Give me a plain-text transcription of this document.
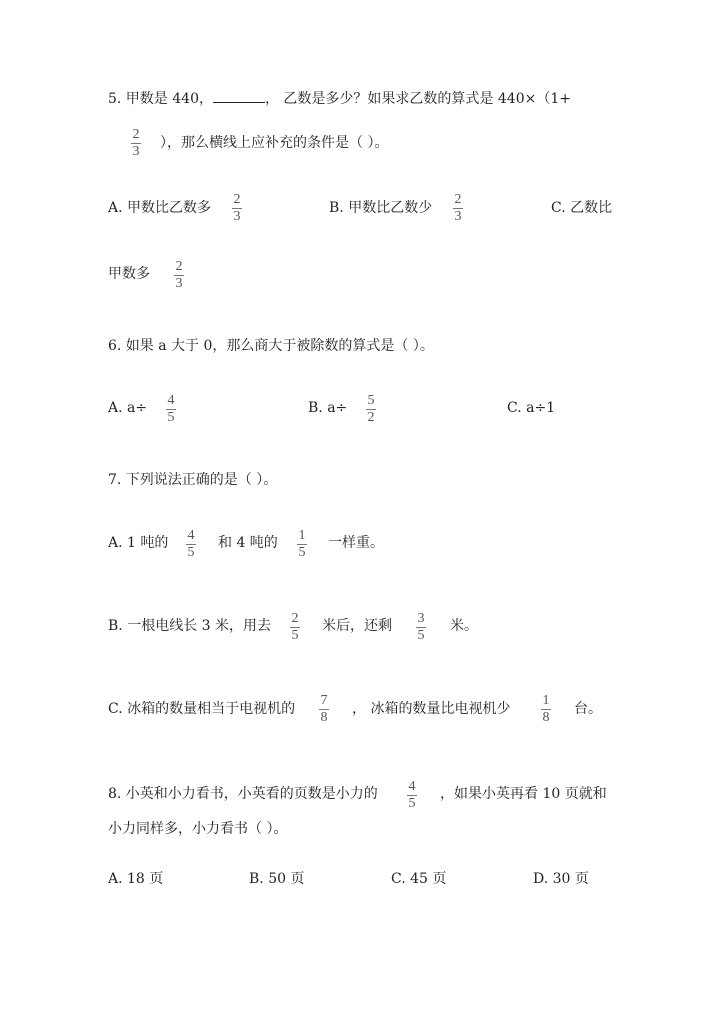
5. 甲数是 440，	， 乙数是多少？如果求乙数的算式是 440×（1+
2
3
），那么横线上应补充的条件是（ ）。
A. 甲数比乙数多
2
3
B. 甲数比乙数少
2
3
C. 乙数比
甲数多 2
3
6. 如果 a 大于 0，那么商大于被除数的算式是（ ）。
A. a÷ 4
5
B. a÷ 5
2
C. a÷1
7. 下列说法正确的是（ ）。
A. 1 吨的 4
5
和 4 吨的 1
5
一样重。
B. 一根电线长 3 米，用去 2
5
米后，还剩 3
5
米。
C. 冰箱的数量相当于电视机的
7
8
， 冰箱的数量比电视机少
1
8
台。
8. 小英和小力看书，小英看的页数是小力的 4
5
，如果小英再看 10 页就和
小力同样多，小力看书（ ）。
A. 18 页	B. 50 页	C. 45 页	D. 30 页
